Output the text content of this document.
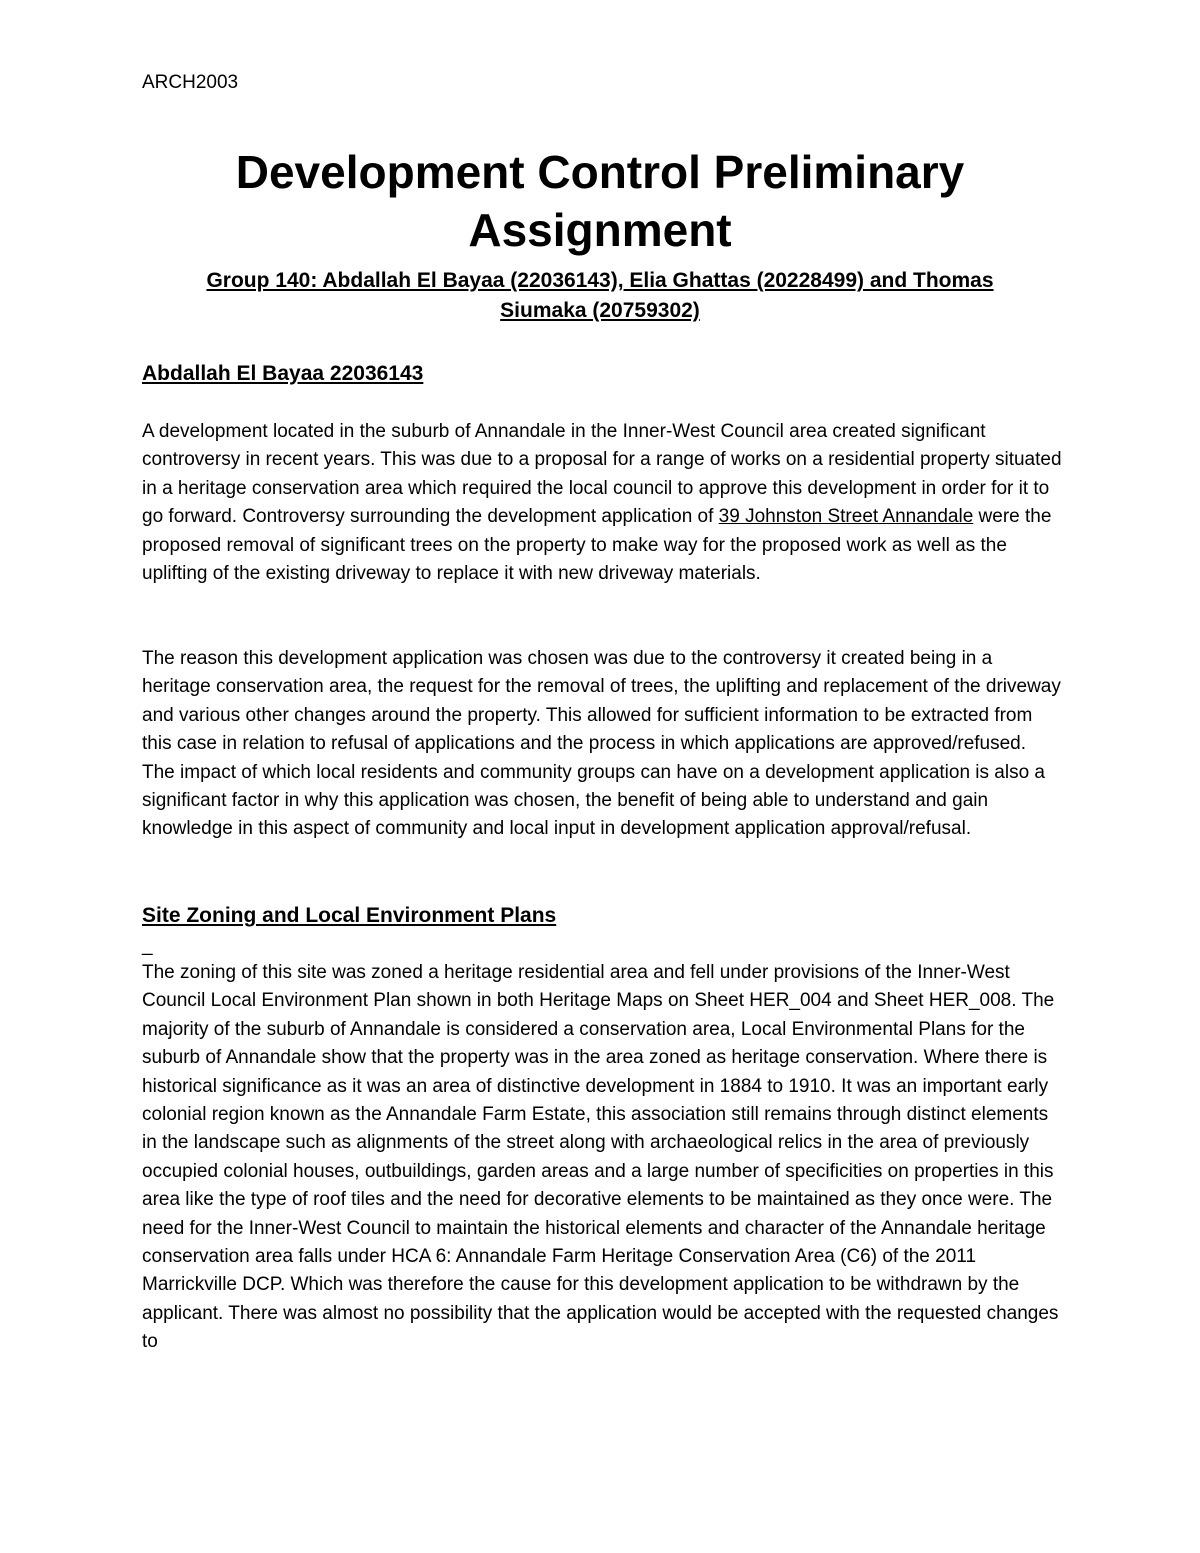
ARCH2003
Development Control Preliminary
Assignment
Group 140: Abdallah El Bayaa (22036143), Elia Ghattas (20228499) and Thomas
Siumaka (20759302)
Abdallah El Bayaa 22036143

A development located in the suburb of Annandale in the Inner-West Council area created significant controversy in recent years. This was due to a proposal for a range of works on a residential property situated in a heritage conservation area which required the local council to approve this development in order for it to go forward. Controversy surrounding the development application of 39 Johnston Street Annandale were the proposed removal of significant trees on the property to make way for the proposed work as well as the uplifting of the existing driveway to replace it with new driveway materials.

The reason this development application was chosen was due to the controversy it created being in a heritage conservation area, the request for the removal of trees, the uplifting and replacement of the driveway and various other changes around the property. This allowed for sufficient information to be extracted from this case in relation to refusal of applications and the process in which applications are approved/refused. The impact of which local residents and community groups can have on a development application is also a significant factor in why this application was chosen, the benefit of being able to understand and gain knowledge in this aspect of community and local input in development application approval/refusal.

Site Zoning and Local Environment Plans
_

The zoning of this site was zoned a heritage residential area and fell under provisions of the Inner-West Council Local Environment Plan shown in both Heritage Maps on Sheet HER_004 and Sheet HER_008. The majority of the suburb of Annandale is considered a conservation area, Local Environmental Plans for the suburb of Annandale show that the property was in the area zoned as heritage conservation. Where there is historical significance as it was an area of distinctive development in 1884 to 1910. It was an important early colonial region known as the Annandale Farm Estate, this association still remains through distinct elements in the landscape such as alignments of the street along with archaeological relics in the area of previously occupied colonial houses, outbuildings, garden areas and a large number of specificities on properties in this area like the type of roof tiles and the need for decorative elements to be maintained as they once were. The need for the Inner-West Council to maintain the historical elements and character of the Annandale heritage conservation area falls under HCA 6: Annandale Farm Heritage Conservation Area (C6) of the 2011 Marrickville DCP. Which was therefore the cause for this development application to be withdrawn by the applicant. There was almost no possibility that the application would be accepted with the requested changes to
